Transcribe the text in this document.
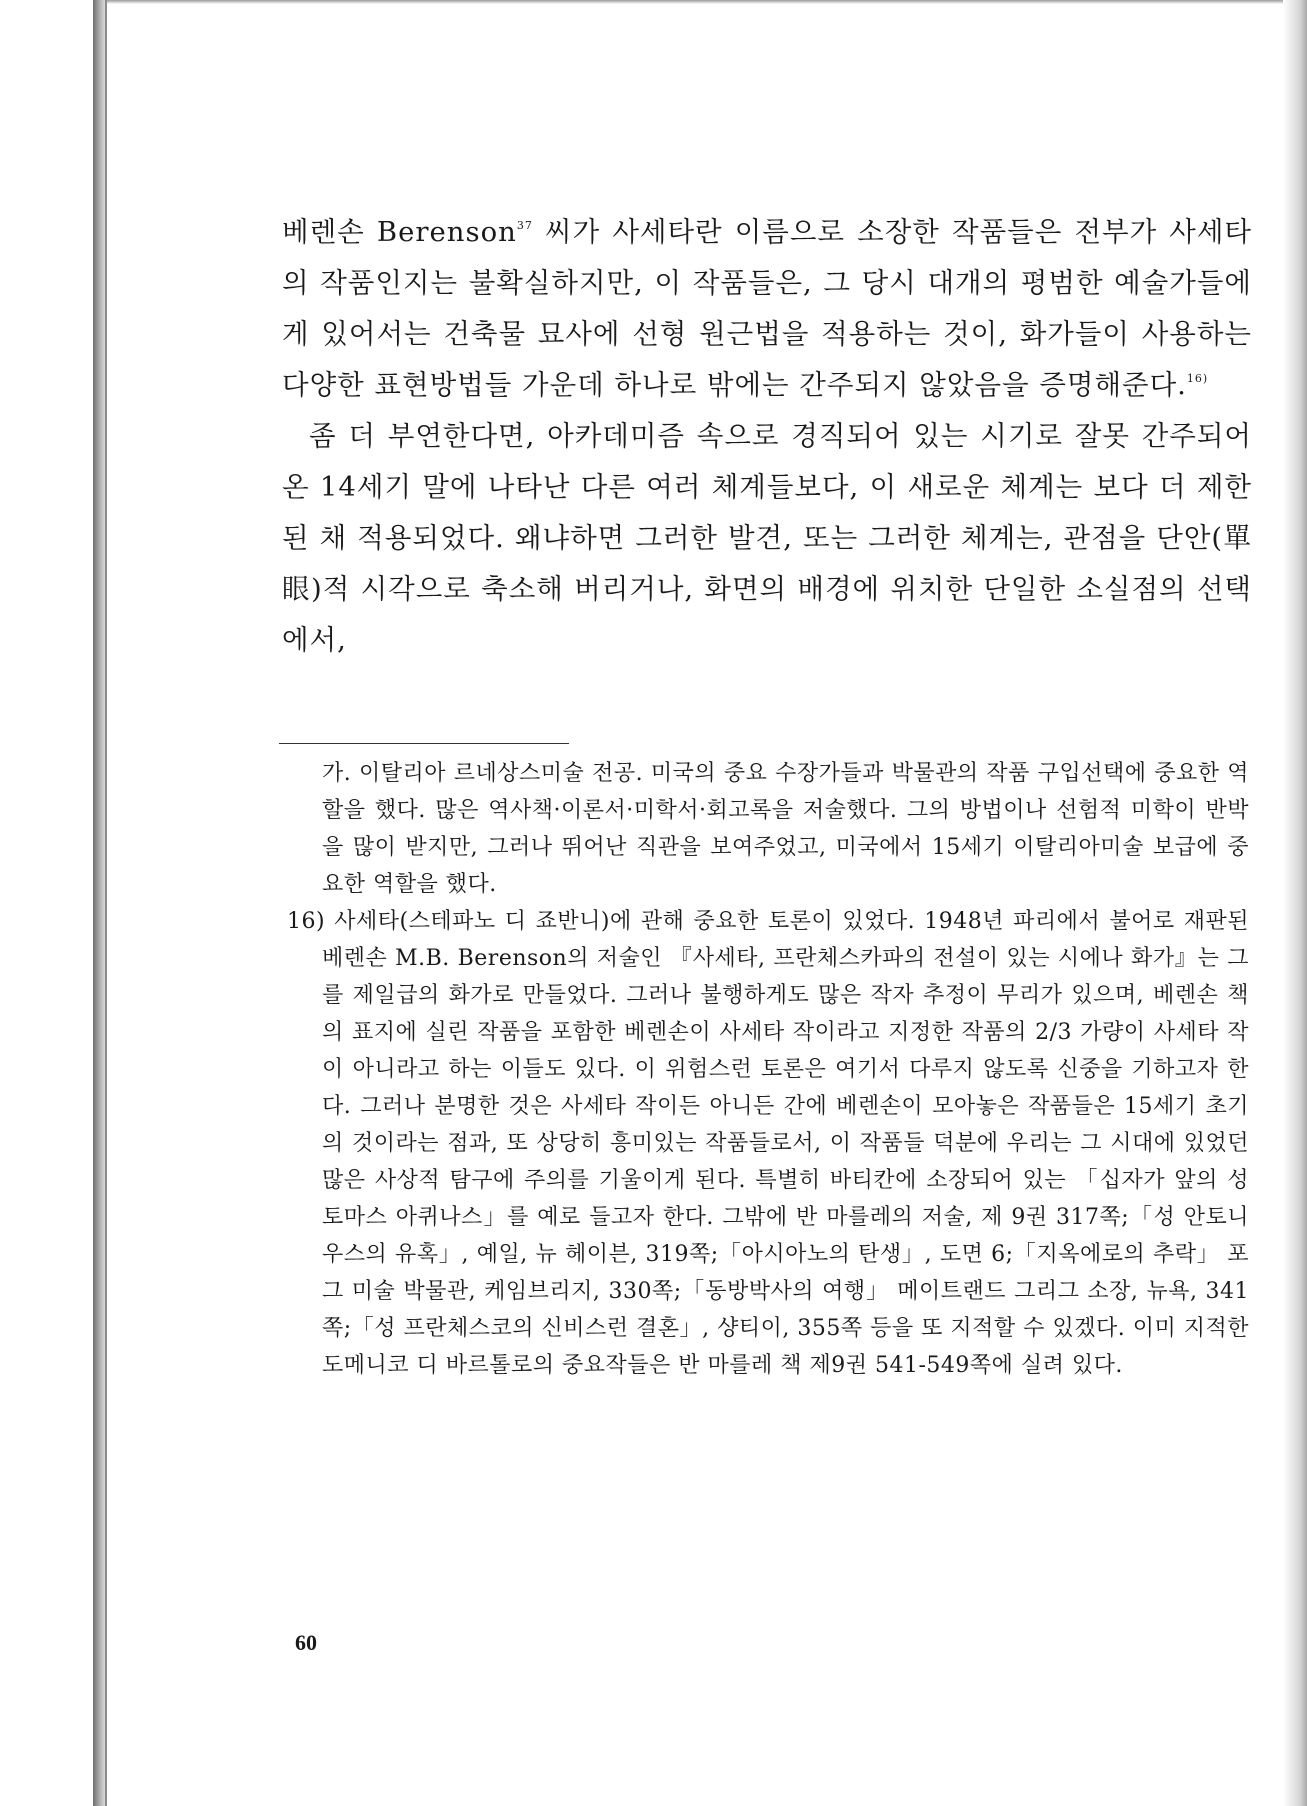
베렌손 Berenson$^{37}$ 씨가 사세타란 이름으로 소장한 작품들은 전부가 사세타의 작품인지는 불확실하지만, 이 작품들은, 그 당시 대개의 평범한 예술가들에게 있어서는 건축물 묘사에 선형 원근법을 적용하는 것이, 화가들이 사용하는 다양한 표현방법들 가운데 하나로 밖에는 간주되지 않았음을 증명해준다.$^{16)}$

좀 더 부연한다면, 아카데미즘 속으로 경직되어 있는 시기로 잘못 간주되어온 14세기 말에 나타난 다른 여러 체계들보다, 이 새로운 체계는 보다 더 제한된 채 적용되었다. 왜냐하면 그러한 발견, 또는 그러한 체계는, 관점을 단안(單眼)적 시각으로 축소해 버리거나, 화면의 배경에 위치한 단일한 소실점의 선택에서,

가. 이탈리아 르네상스미술 전공. 미국의 중요 수장가들과 박물관의 작품 구입선택에 중요한 역할을 했다. 많은 역사책·이론서·미학서·회고록을 저술했다. 그의 방법이나 선험적 미학이 반박을 많이 받지만, 그러나 뛰어난 직관을 보여주었고, 미국에서 15세기 이탈리아미술 보급에 중요한 역할을 했다.

16) 사세타(스테파노 디 죠반니)에 관해 중요한 토론이 있었다. 1948년 파리에서 불어로 재판된 베렌손 M.B. Berenson의 저술인 『사세타, 프란체스카파의 전설이 있는 시에나 화가』는 그를 제일급의 화가로 만들었다. 그러나 불행하게도 많은 작자 추정이 무리가 있으며, 베렌손 책의 표지에 실린 작품을 포함한 베렌손이 사세타 작이라고 지정한 작품의 2/3 가량이 사세타 작이 아니라고 하는 이들도 있다. 이 위험스런 토론은 여기서 다루지 않도록 신중을 기하고자 한다. 그러나 분명한 것은 사세타 작이든 아니든 간에 베렌손이 모아놓은 작품들은 15세기 초기의 것이라는 점과, 또 상당히 흥미있는 작품들로서, 이 작품들 덕분에 우리는 그 시대에 있었던 많은 사상적 탐구에 주의를 기울이게 된다. 특별히 바티칸에 소장되어 있는 「십자가 앞의 성 토마스 아퀴나스」를 예로 들고자 한다. 그밖에 반 마를레의 저술, 제 9권 317쪽;「성 안토니우스의 유혹」, 예일, 뉴 헤이븐, 319쪽;「아시아노의 탄생」, 도면 6;「지옥에로의 추락」 포그 미술 박물관, 케임브리지, 330쪽;「동방박사의 여행」 메이트랜드 그리그 소장, 뉴욕, 341쪽;「성 프란체스코의 신비스런 결혼」, 샹티이, 355쪽 등을 또 지적할 수 있겠다. 이미 지적한 도메니코 디 바르톨로의 중요작들은 반 마를레 책 제9권 541-549쪽에 실려 있다.

60
